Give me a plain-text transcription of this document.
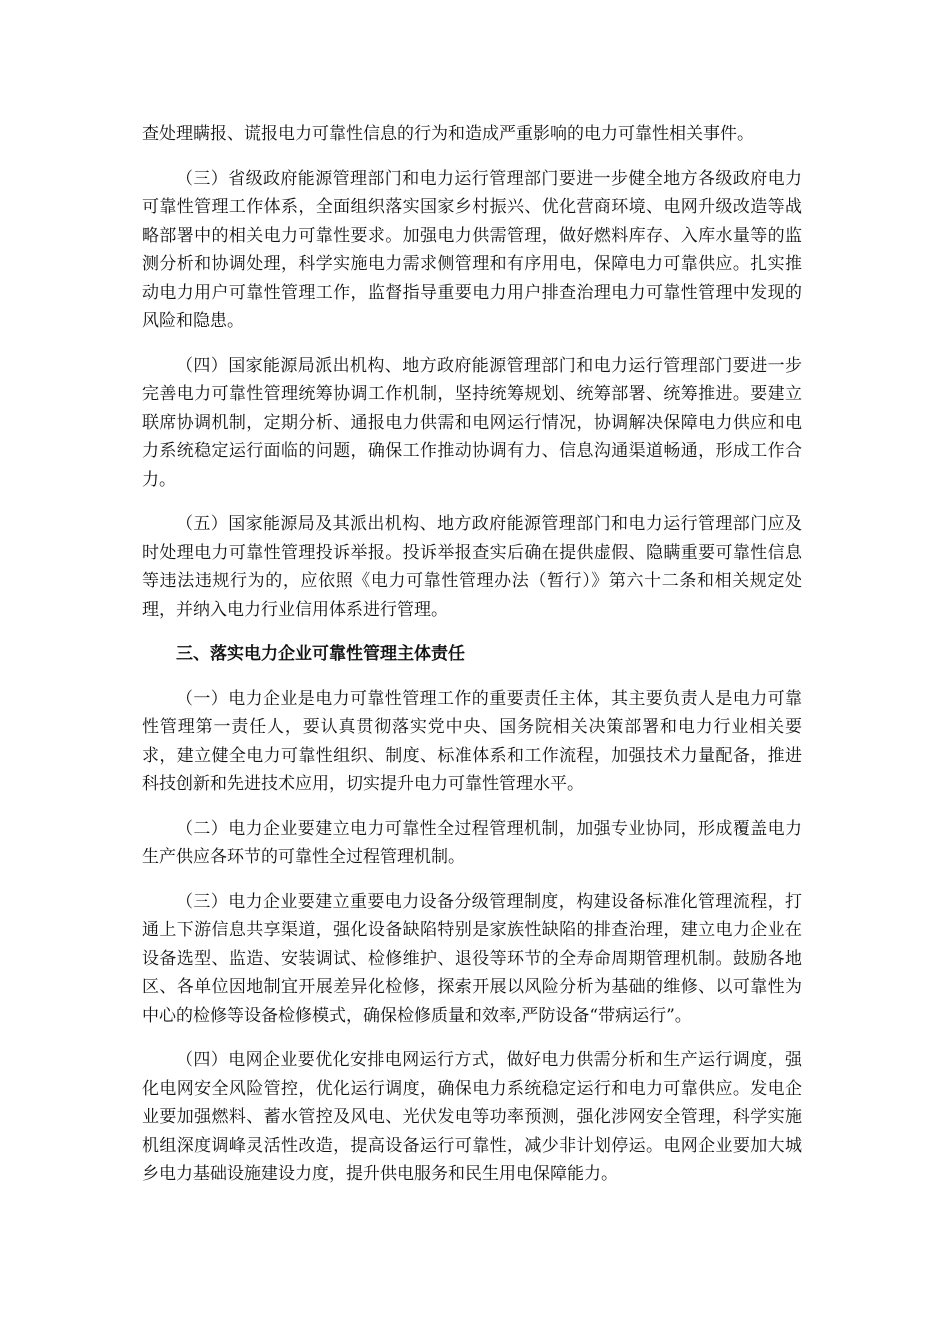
查处理瞒报、谎报电力可靠性信息的行为和造成严重影响的电力可靠性相关事件。

（三）省级政府能源管理部门和电力运行管理部门要进一步健全地方各级政府电力可靠性管理工作体系，全面组织落实国家乡村振兴、优化营商环境、电网升级改造等战略部署中的相关电力可靠性要求。加强电力供需管理，做好燃料库存、入库水量等的监测分析和协调处理，科学实施电力需求侧管理和有序用电，保障电力可靠供应。扎实推动电力用户可靠性管理工作，监督指导重要电力用户排查治理电力可靠性管理中发现的风险和隐患。

（四）国家能源局派出机构、地方政府能源管理部门和电力运行管理部门要进一步完善电力可靠性管理统筹协调工作机制，坚持统筹规划、统筹部署、统筹推进。要建立联席协调机制，定期分析、通报电力供需和电网运行情况，协调解决保障电力供应和电力系统稳定运行面临的问题，确保工作推动协调有力、信息沟通渠道畅通，形成工作合力。

（五）国家能源局及其派出机构、地方政府能源管理部门和电力运行管理部门应及时处理电力可靠性管理投诉举报。投诉举报查实后确在提供虚假、隐瞒重要可靠性信息等违法违规行为的，应依照《电力可靠性管理办法（暂行）》第六十二条和相关规定处理，并纳入电力行业信用体系进行管理。

三、落实电力企业可靠性管理主体责任

（一）电力企业是电力可靠性管理工作的重要责任主体，其主要负责人是电力可靠性管理第一责任人，要认真贯彻落实党中央、国务院相关决策部署和电力行业相关要求，建立健全电力可靠性组织、制度、标准体系和工作流程，加强技术力量配备，推进科技创新和先进技术应用，切实提升电力可靠性管理水平。

（二）电力企业要建立电力可靠性全过程管理机制，加强专业协同，形成覆盖电力生产供应各环节的可靠性全过程管理机制。

（三）电力企业要建立重要电力设备分级管理制度，构建设备标准化管理流程，打通上下游信息共享渠道，强化设备缺陷特别是家族性缺陷的排查治理，建立电力企业在设备选型、监造、安装调试、检修维护、退役等环节的全寿命周期管理机制。鼓励各地区、各单位因地制宜开展差异化检修，探索开展以风险分析为基础的维修、以可靠性为中心的检修等设备检修模式，确保检修质量和效率,严防设备“带病运行”。

（四）电网企业要优化安排电网运行方式，做好电力供需分析和生产运行调度，强化电网安全风险管控，优化运行调度，确保电力系统稳定运行和电力可靠供应。发电企业要加强燃料、蓄水管控及风电、光伏发电等功率预测，强化涉网安全管理，科学实施机组深度调峰灵活性改造，提高设备运行可靠性，减少非计划停运。电网企业要加大城乡电力基础设施建设力度，提升供电服务和民生用电保障能力。
